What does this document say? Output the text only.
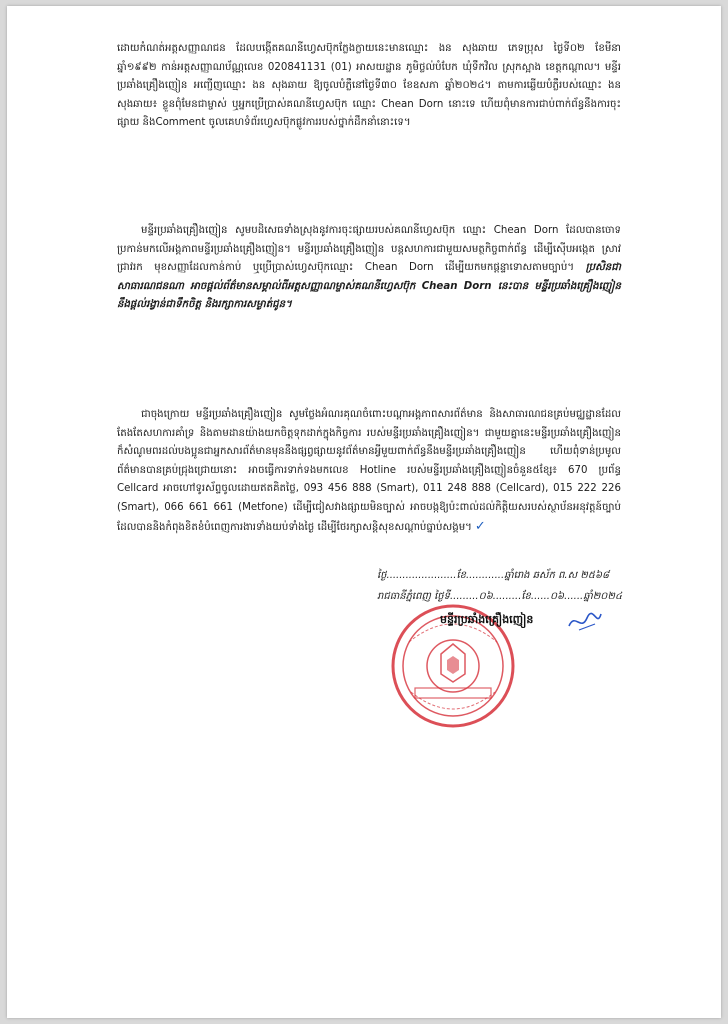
ដោយកំណត់អត្តសញ្ញាណជន ដែលបង្កើតគណនីហ្វេសប៊ុកក្លែងក្លាយនេះមានឈ្មោះ ងន សុងឆាយ ភេទប្រុស ថ្ងៃទី០២ ខែមីនា ឆ្នាំ១៩៩២ កាន់អត្តសញ្ញាណប័ណ្ណលេខ 020841131 (01) អាសយដ្ឋាន ភូមិថ្លល់បំបែក ឃុំទឹកវិល ស្រុកស្អាង ខេត្តកណ្ដាល។ មន្ទីរប្រឆាំងគ្រឿងញៀន អញ្ជើញឈ្មោះ ងន សុងឆាយ ឱ្យចូលបំភ្លឺនៅថ្ងៃទី៣០ ខែឧសភា ឆ្នាំ២០២៤។ តាមការឆ្លើយបំភ្លឺរបស់ឈ្មោះ ងន សុងឆាយ៖ ខ្លួនពុំមែនជាម្ចាស់ ឬអ្នកប្រើប្រាស់គណនីហ្វេសប៊ុក ឈ្មោះ Chean Dorn នោះទេ ហើយពុំមានការជាប់ពាក់ព័ន្ធនឹងការចុះផ្សាយ និងComment ចូលគេហទំព័រហ្វេសប៊ុកផ្លូវការរបស់ថ្នាក់ដឹកនាំនោះទេ។

មន្ទីរប្រឆាំងគ្រឿងញៀន សូមបដិសេធទាំងស្រុងនូវការចុះផ្សាយរបស់គណនីហ្វេសប៊ុក ឈ្មោះ Chean Dorn ដែលបានចោទប្រកាន់មកលើអង្គភាពមន្ទីរប្រឆាំងគ្រឿងញៀន។ មន្ទីរប្រឆាំងគ្រឿងញៀន បន្តសហការជាមួយសមត្ថកិច្ចពាក់ព័ន្ធ ដើម្បីស៊ើបអង្កេត ស្រាវជ្រាវរក មុខសញ្ញាដែលកាន់កាប់ ឬប្រើប្រាស់ហ្វេសប៊ុកឈ្មោះ Chean Dorn ដើម្បីយកមកផ្ដន្ទាទោសតាមច្បាប់។ ប្រសិនជាសាធារណជនណា អាចផ្ដល់ព័ត៌មានសម្គាល់ពីអត្តសញ្ញាណម្ចាស់គណនីហ្វេសប៊ុក Chean Dorn នេះបាន មន្ទីរប្រឆាំងគ្រឿងញៀន នឹងផ្ដល់រង្វាន់ជាទឹកចិត្ត និងរក្សាការសម្ងាត់ជូន។

ជាចុងក្រោយ មន្ទីរប្រឆាំងគ្រឿងញៀន សូមថ្លែងអំណរគុណចំពោះបណ្ដាអង្គភាពសារព័ត៌មាន និងសាធារណជនគ្រប់មជ្ឈដ្ឋានដែលតែងតែសហការគាំទ្រ និងតាមដានយ៉ាងយកចិត្តទុកដាក់ក្នុងកិច្ចការ របស់មន្ទីរប្រឆាំងគ្រឿងញៀន។ ជាមួយគ្នានេះមន្ទីរប្រឆាំងគ្រឿងញៀន ក៏សំណូមពរដល់បងប្អូនជាអ្នកសារព័ត៌មានមុននឹងផ្សព្វផ្សាយនូវព័ត៌មានអ្វីមួយពាក់ព័ន្ធនឹងមន្ទីរប្រឆាំងគ្រឿងញៀន ហើយពុំទាន់ប្រមូលព័ត៌មានបានគ្រប់ជ្រុងជ្រោយនោះ អាចធ្វើការទាក់ទងមកលេខ Hotline របស់មន្ទីរប្រឆាំងគ្រឿងញៀនចំនួន៥ខ្សែ៖ 670 ប្រព័ន្ធ Cellcard អាចហៅទូរស័ព្ទចូលដោយឥតគិតថ្លៃ, 093 456 888 (Smart), 011 248 888 (Cellcard), 015 222 226 (Smart), 066 661 661 (Metfone) ដើម្បីជៀសវាងផ្សាយមិនច្បាស់ អាចបង្កឱ្យប៉ះពាល់ដល់កិត្តិយសរបស់ស្ថាប័នអនុវត្តន៍ច្បាប់ ដែលបាននិងកំពុងខិតខំបំពេញការងារទាំងយប់ទាំងថ្ងៃ ដើម្បីថែរក្សាសន្តិសុខសណ្ដាប់ធ្នាប់សង្គម។ ✓

ថ្ងៃ......................ខែ............ឆ្នាំរោង ឆស័ក ព.ស ២៥៦៨
រាជធានីភ្នំពេញ ថ្ងៃទី.........០៦.........ខែ......០៦......ឆ្នាំ២០២៤
មន្ទីរប្រឆាំងគ្រឿងញៀន
